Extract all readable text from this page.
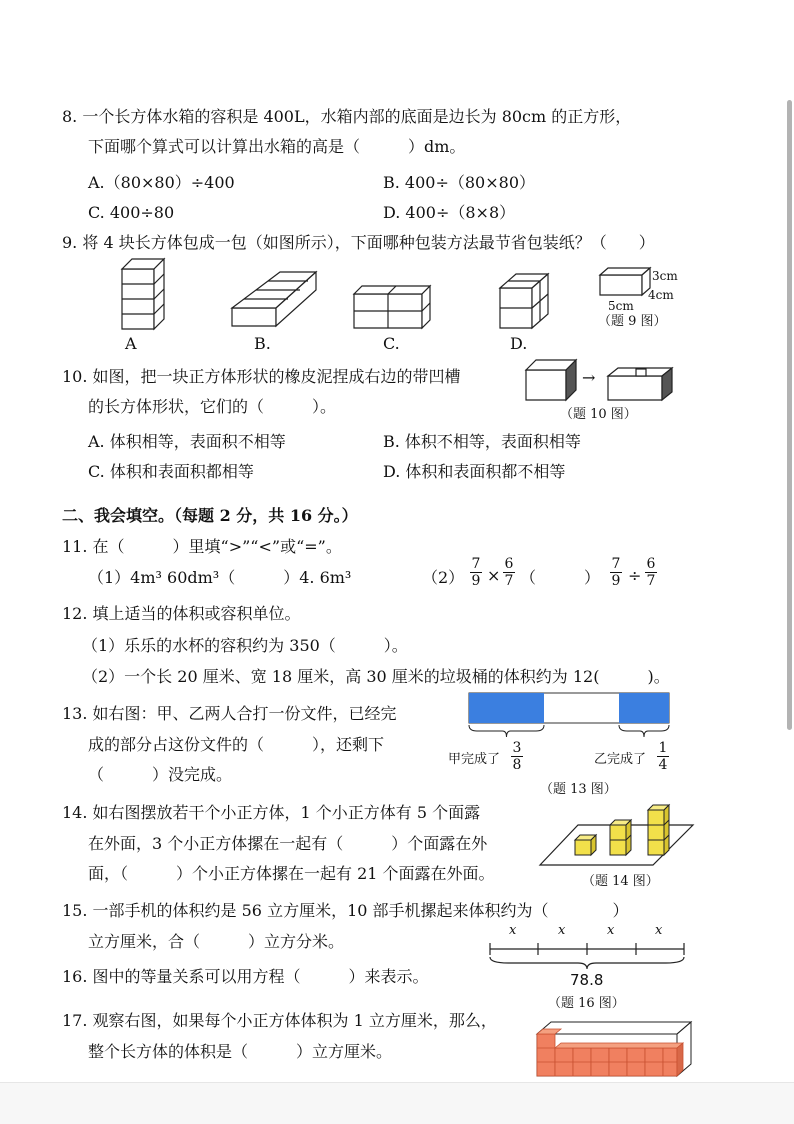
8. 一个长方体水箱的容积是 400L，水箱内部的底面是边长为 80cm 的正方形，
下面哪个算式可以计算出水箱的高是（　　　）dm。
A.（80×80）÷400	B. 400÷（80×80）
C. 400÷80	D. 400÷（8×8）
9. 将 4 块长方体包成一包（如图所示），下面哪种包装方法最节省包装纸？（　　）
A	B.	C.	D.
3cm
4cm
5cm
（题 9 图）
10. 如图，把一块正方体形状的橡皮泥捏成右边的带凹槽
的长方体形状，它们的（　　　）。
→
（题 10 图）
A. 体积相等，表面积不相等	B. 体积不相等，表面积相等
C. 体积和表面积都相等	D. 体积和表面积都不相等
二、我会填空。（每题 2 分，共 16 分。）
11. 在（　　　）里填“>”“<”或“=”。
（1）4m³ 60dm³（　　　）4. 6m³	（2）
7
9 ×
6
7 （　　　）
7
9 ÷
6
7
12. 填上适当的体积或容积单位。
（1）乐乐的水杯的容积约为 350（　　　）。
（2）一个长 20 厘米、宽 18 厘米，高 30 厘米的垃圾桶的体积约为 12(　　　)。
13. 如右图：甲、乙两人合打一份文件，已经完
成的部分占这份文件的（　　　），还剩下
（　　　）没完成。
甲完成了
3
8	乙完成了
1
4
（题 13 图）
14. 如右图摆放若干个小正方体，1 个小正方体有 5 个面露
在外面，3 个小正方体摞在一起有（　　　）个面露在外
面，（　　　）个小正方体摞在一起有 21 个面露在外面。	（题 14 图）
15. 一部手机的体积约是 56 立方厘米，10 部手机摞起来体积约为（　　　　）
立方厘米，合（　　　）立方分米。
16. 图中的等量关系可以用方程（　　　）来表示。
x	x	x	x
78.8
（题 16 图）
17. 观察右图，如果每个小正方体体积为 1 立方厘米，那么，
整个长方体的体积是（　　　）立方厘米。
